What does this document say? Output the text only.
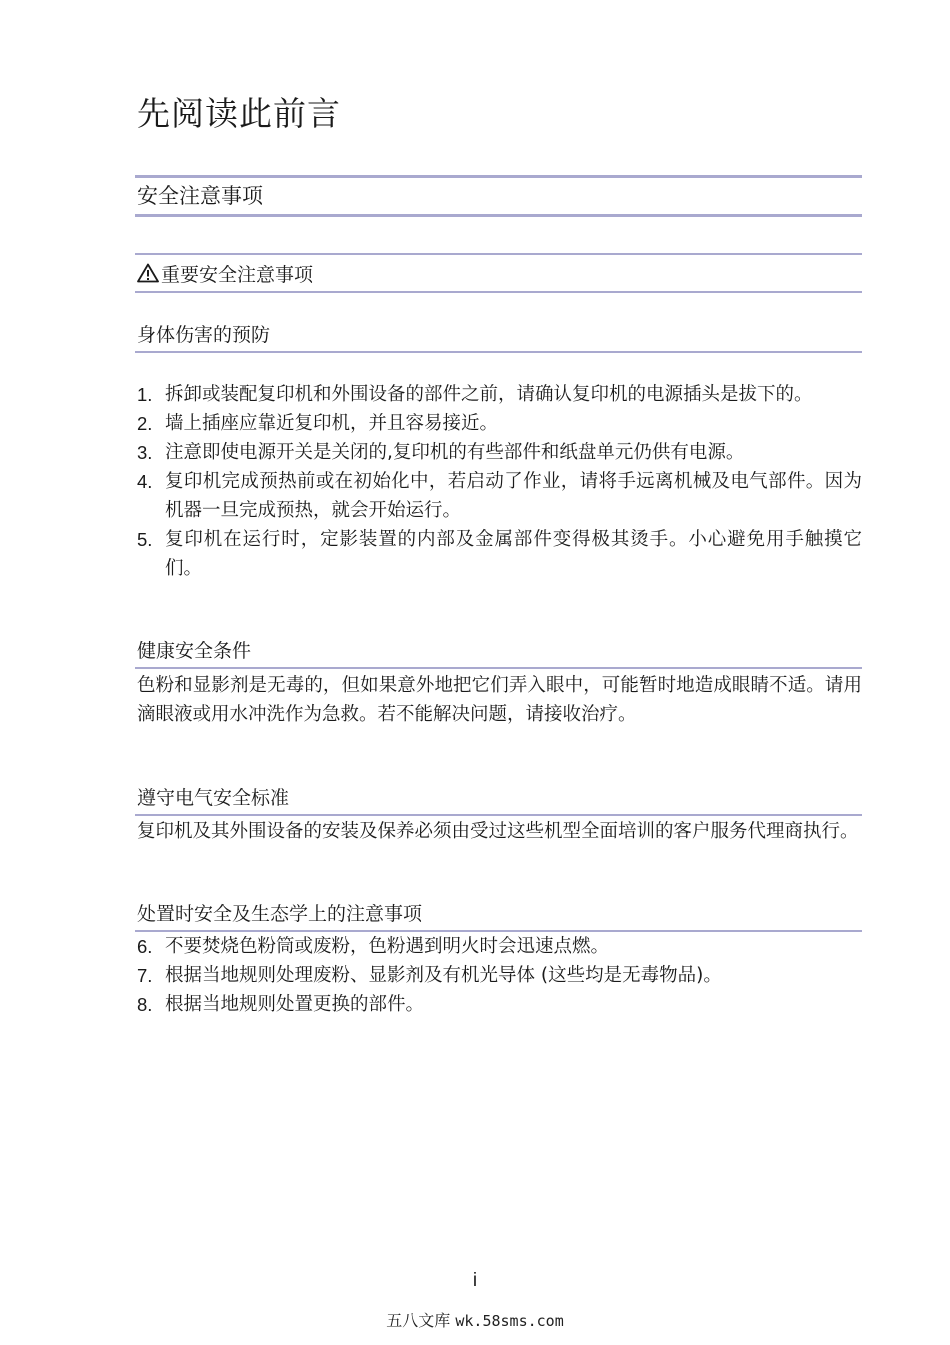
先阅读此前言
安全注意事项
重要安全注意事项
身体伤害的预防
1. 拆卸或装配复印机和外围设备的部件之前，请确认复印机的电源插头是拔下的。
2. 墙上插座应靠近复印机，并且容易接近。
3. 注意即使电源开关是关闭的,复印机的有些部件和纸盘单元仍供有电源。
4. 复印机完成预热前或在初始化中，若启动了作业，请将手远离机械及电气部件。因为机器一旦完成预热，就会开始运行。
5. 复印机在运行时，定影装置的内部及金属部件变得极其烫手。小心避免用手触摸它们。
健康安全条件

色粉和显影剂是无毒的，但如果意外地把它们弄入眼中，可能暂时地造成眼睛不适。请用滴眼液或用水冲洗作为急救。若不能解决问题，请接收治疗。

遵守电气安全标准

复印机及其外围设备的安装及保养必须由受过这些机型全面培训的客户服务代理商执行。

处置时安全及生态学上的注意事项
6. 不要焚烧色粉筒或废粉，色粉遇到明火时会迅速点燃。
7. 根据当地规则处理废粉、显影剂及有机光导体 (这些均是无毒物品)。
8. 根据当地规则处置更换的部件。
i
五八文库 wk.58sms.com
